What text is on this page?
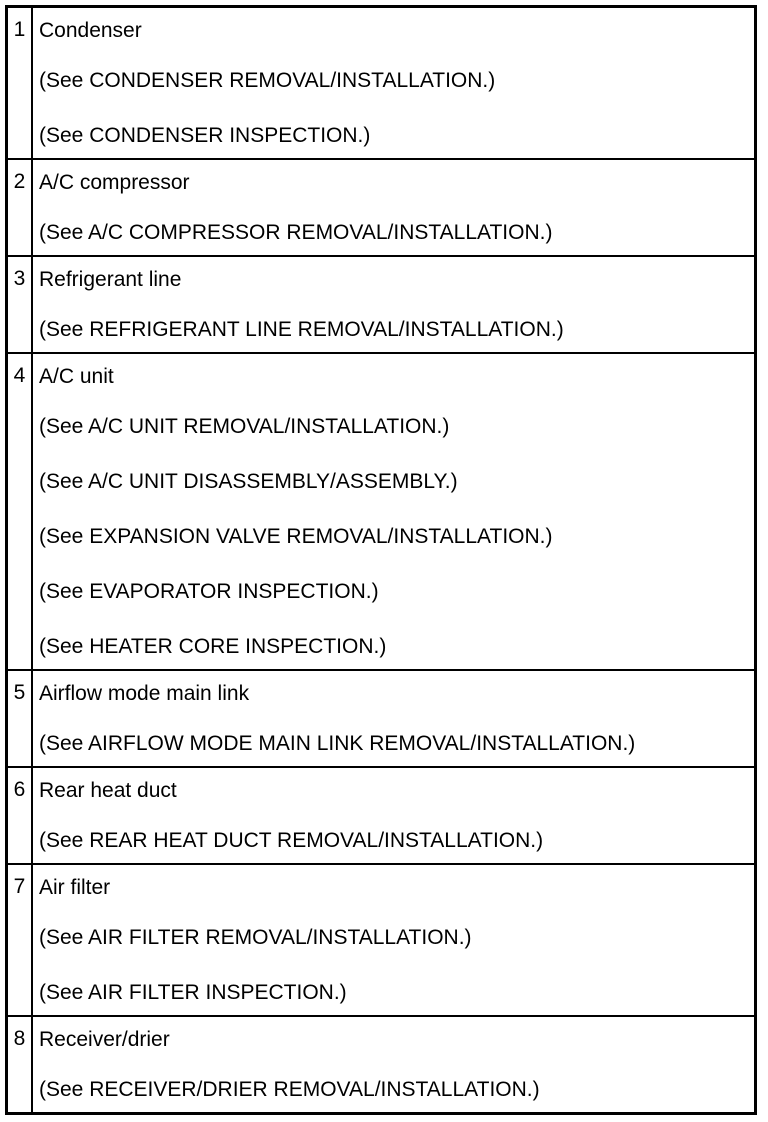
1 Condenser
(See CONDENSER REMOVAL/INSTALLATION.)
(See CONDENSER INSPECTION.)
2 A/C compressor
(See A/C COMPRESSOR REMOVAL/INSTALLATION.)
3 Refrigerant line
(See REFRIGERANT LINE REMOVAL/INSTALLATION.)
4 A/C unit
(See A/C UNIT REMOVAL/INSTALLATION.)
(See A/C UNIT DISASSEMBLY/ASSEMBLY.)
(See EXPANSION VALVE REMOVAL/INSTALLATION.)
(See EVAPORATOR INSPECTION.)
(See HEATER CORE INSPECTION.)
5 Airflow mode main link
(See AIRFLOW MODE MAIN LINK REMOVAL/INSTALLATION.)
6 Rear heat duct
(See REAR HEAT DUCT REMOVAL/INSTALLATION.)
7 Air filter
(See AIR FILTER REMOVAL/INSTALLATION.)
(See AIR FILTER INSPECTION.)
8 Receiver/drier
(See RECEIVER/DRIER REMOVAL/INSTALLATION.)
